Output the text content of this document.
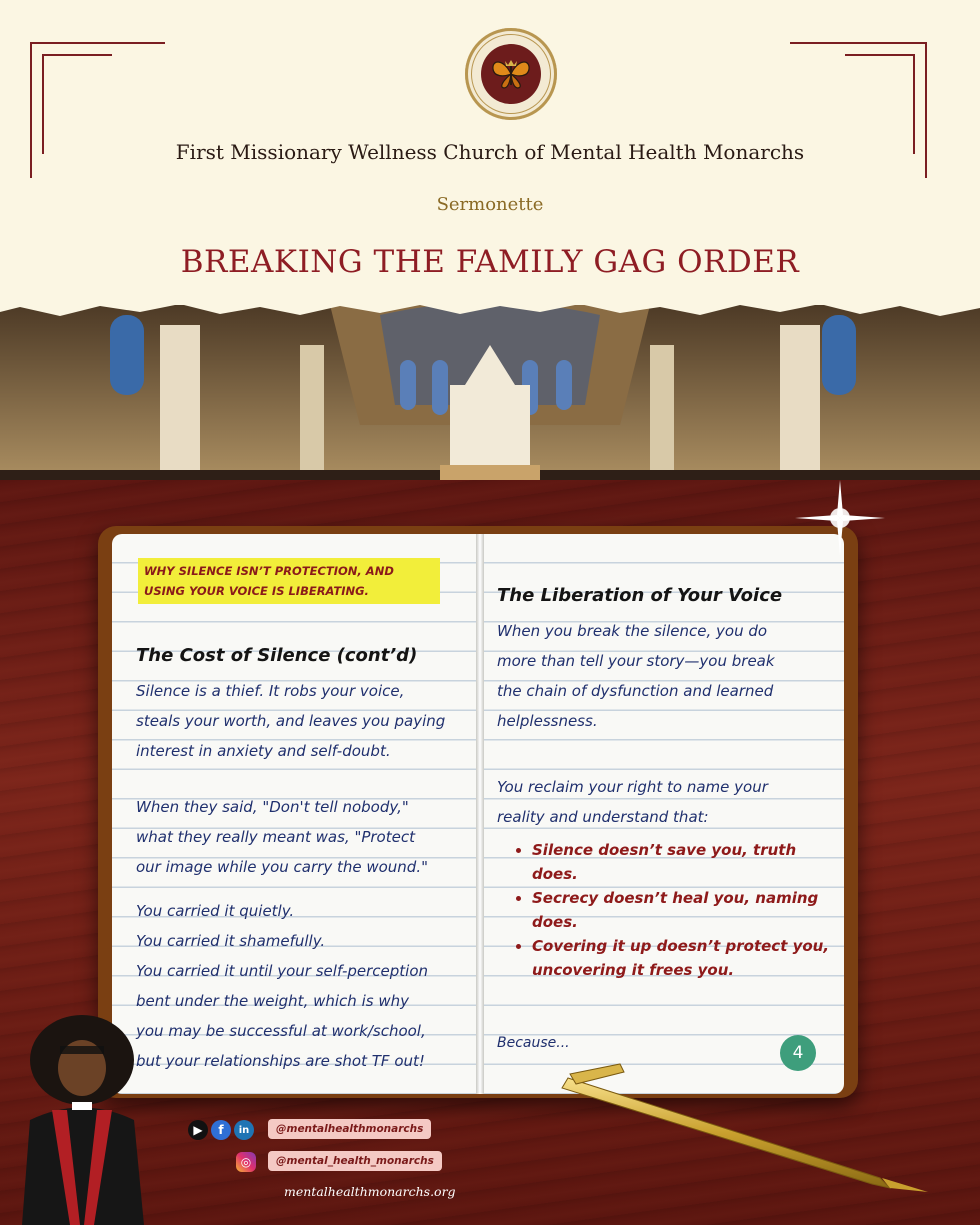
First Missionary Wellness Church of Mental Health Monarchs
Sermonette
BREAKING THE FAMILY GAG ORDER
WHY SILENCE ISN’T PROTECTION, AND USING YOUR VOICE IS LIBERATING.
The Cost of Silence (cont’d)

Silence is a thief. It robs your voice,
steals your worth, and leaves you paying
interest in anxiety and self-doubt.

When they said, "Don't tell nobody,"
what they really meant was, "Protect
our image while you carry the wound."

You carried it quietly.
You carried it shamefully.
You carried it until your self-perception
bent under the weight, which is why
you may be successful at work/school,
but your relationships are shot TF out!

The Liberation of Your Voice

When you break the silence, you do
more than tell your story—you break
the chain of dysfunction and learned
helplessness.

You reclaim your right to name your
reality and understand that:

• Silence doesn’t save you, truth does.
• Secrecy doesn’t heal you, naming does.
• Covering it up doesn’t protect you, uncovering it frees you.

Because...	4
▶	f	in
◎
@mentalhealthmonarchs
@mental_health_monarchs
mentalhealthmonarchs.org
